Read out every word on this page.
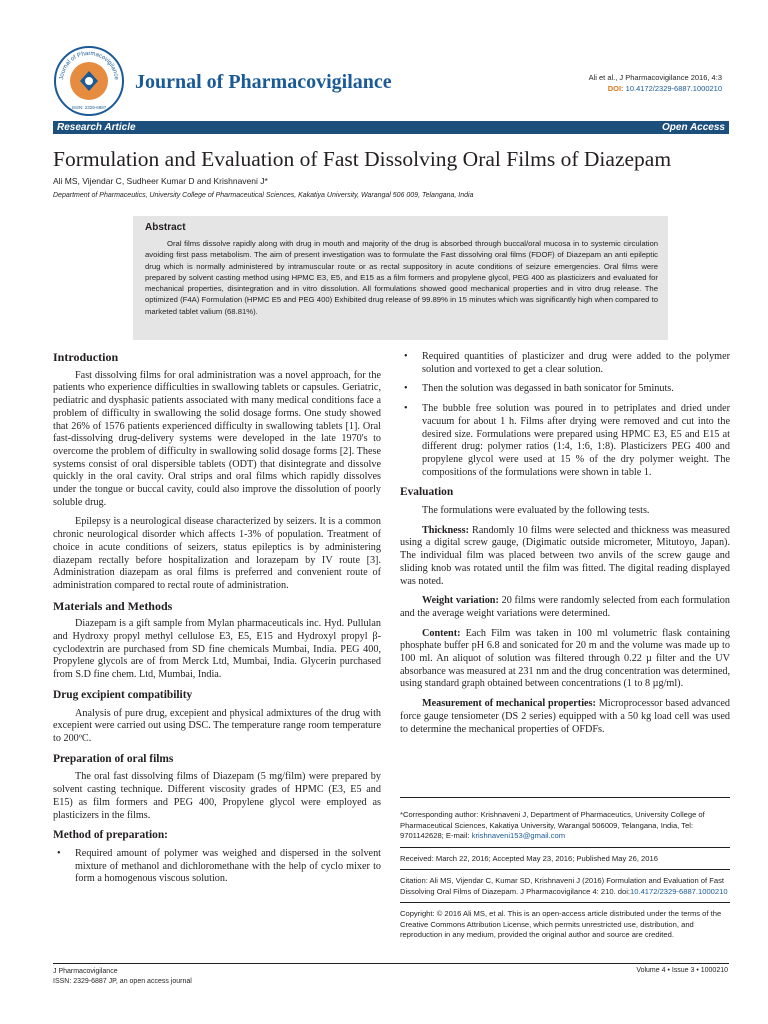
Journal of Pharmacovigilance
ISSN: 2329-6887
Journal of Pharmacovigilance	Ali et al., J Pharmacovigilance 2016, 4:3
DOI: 10.4172/2329-6887.1000210
Research Article	Open Access
Formulation and Evaluation of Fast Dissolving Oral Films of Diazepam
Ali MS, Vijendar C, Sudheer Kumar D and Krishnaveni J*
Department of Pharmaceutics, University College of Pharmaceutical Sciences, Kakatiya University, Warangal 506 009, Telangana, India
Abstract

Oral films dissolve rapidly along with drug in mouth and majority of the drug is absorbed through buccal/oral mucosa in to systemic circulation avoiding first pass metabolism. The aim of present investigation was to formulate the Fast dissolving oral films (FDOF) of Diazepam an anti epileptic drug which is normally administered by intramuscular route or as rectal suppository in acute conditions of seizure emergencies. Oral films were prepared by solvent casting method using HPMC E3, E5, and E15 as a film formers and propylene glycol, PEG 400 as plasticizers and evaluated for mechanical properties, disintegration and in vitro dissolution. All formulations showed good mechanical properties and in vitro drug release. The optimized (F4A) Formulation (HPMC E5 and PEG 400) Exhibited drug release of 99.89% in 15 minutes which was significantly high when compared to marketed tablet valium (68.81%).

Introduction

Fast dissolving films for oral administration was a novel approach, for the patients who experience difficulties in swallowing tablets or capsules. Geriatric, pediatric and dysphasic patients associated with many medical conditions face a problem of difficulty in swallowing the solid dosage forms. One study showed that 26% of 1576 patients experienced difficulty in swallowing tablets [1]. Oral fast-dissolving drug-delivery systems were developed in the late 1970's to overcome the problem of difficulty in swallowing solid dosage forms [2]. These systems consist of oral dispersible tablets (ODT) that disintegrate and dissolve quickly in the oral cavity. Oral strips and oral films which rapidly dissolves under the tongue or buccal cavity, could also improve the dissolution of poorly soluble drug.

Epilepsy is a neurological disease characterized by seizers. It is a common chronic neurological disorder which affects 1-3% of population. Treatment of choice in acute conditions of seizers, status epileptics is by administering diazepam rectally before hospitalization and lorazepam by IV route [3]. Administration diazepam as oral films is preferred and convenient route of administration compared to rectal route of administration.

Materials and Methods

Diazepam is a gift sample from Mylan pharmaceuticals inc. Hyd. Pullulan and Hydroxy propyl methyl cellulose E3, E5, E15 and Hydroxyl propyl β-cyclodextrin are purchased from SD fine chemicals Mumbai, India. PEG 400, Propylene glycols are of from Merck Ltd, Mumbai, India. Glycerin purchased from S.D fine chem. Ltd, Mumbai, India.

Drug excipient compatibility

Analysis of pure drug, excepient and physical admixtures of the drug with excepient were carried out using DSC. The temperature range room temperature to 200ºC.

Preparation of oral films

The oral fast dissolving films of Diazepam (5 mg/film) were prepared by solvent casting technique. Different viscosity grades of HPMC (E3, E5 and E15) as film formers and PEG 400, Propylene glycol were employed as plasticizers in the films.

Method of preparation:
• Required amount of polymer was weighed and dispersed in the solvent mixture of methanol and dichloromethane with the help of cyclo mixer to form a homogenous viscous solution.
• Required quantities of plasticizer and drug were added to the polymer solution and vortexed to get a clear solution.
• Then the solution was degassed in bath sonicator for 5minuts.
• The bubble free solution was poured in to petriplates and dried under vacuum for about 1 h. Films after drying were removed and cut into the desired size. Formulations were prepared using HPMC E3, E5 and E15 at different drug: polymer ratios (1:4, 1:6, 1:8). Plasticizers PEG 400 and propylene glycol were used at 15 % of the dry polymer weight. The compositions of the formulations were shown in table 1.
Evaluation

The formulations were evaluated by the following tests.

Thickness: Randomly 10 films were selected and thickness was measured using a digital screw gauge, (Digimatic outside micrometer, Mitutoyo, Japan). The individual film was placed between two anvils of the screw gauge and sliding knob was rotated until the film was fitted. The digital reading displayed was noted.

Weight variation: 20 films were randomly selected from each formulation and the average weight variations were determined.

Content: Each Film was taken in 100 ml volumetric flask containing phosphate buffer pH 6.8 and sonicated for 20 m and the volume was made up to 100 ml. An aliquot of solution was filtered through 0.22 µ filter and the UV absorbance was measured at 231 nm and the drug concentration was determined, using standard graph obtained between concentrations (1 to 8 µg/ml).

Measurement of mechanical properties: Microprocessor based advanced force gauge tensiometer (DS 2 series) equipped with a 50 kg load cell was used to determine the mechanical properties of OFDFs.

*Corresponding author: Krishnaveni J, Department of Pharmaceutics, University College of Pharmaceutical Sciences, Kakatiya University, Warangal 506009, Telangana, India, Tel: 9701142628; E-mail: krishnaveni153@gmail.com

Received: March 22, 2016; Accepted May 23, 2016; Published May 26, 2016

Citation: Ali MS, Vijendar C, Kumar SD, Krishnaveni J (2016) Formulation and Evaluation of Fast Dissolving Oral Films of Diazepam. J Pharmacovigilance 4: 210. doi:10.4172/2329-6887.1000210

Copyright: © 2016 Ali MS, et al. This is an open-access article distributed under the terms of the Creative Commons Attribution License, which permits unrestricted use, distribution, and reproduction in any medium, provided the original author and source are credited.

J Pharmacovigilance
ISSN: 2329-6887 JP, an open access journal
Volume 4 • Issue 3 • 1000210
